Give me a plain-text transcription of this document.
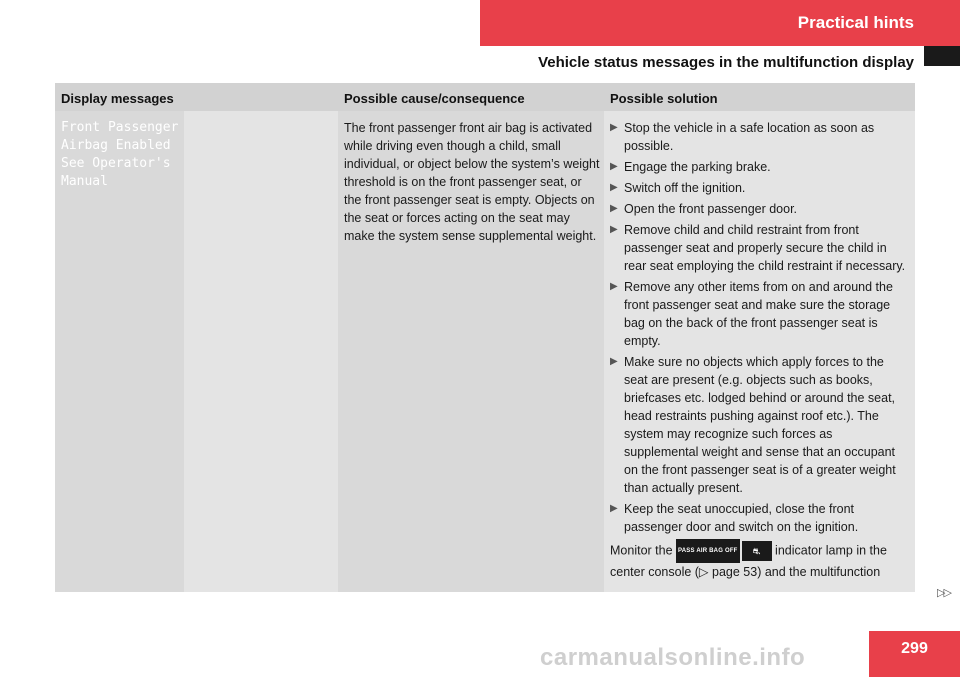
Practical hints
Vehicle status messages in the multifunction display
Display messages	Possible cause/consequence	Possible solution
Front Passenger
Airbag Enabled
See Operator's
Manual
The front passenger front air bag is activated while driving even though a child, small individual, or object below the system’s weight threshold is on the front passenger seat, or the front passenger seat is empty. Objects on the seat or forces acting on the seat may make the system sense supplemental weight.
▶ Stop the vehicle in a safe location as soon as possible.
▶ Engage the parking brake.
▶ Switch off the ignition.
▶ Open the front passenger door.
▶ Remove child and child restraint from front passenger seat and properly secure the child in rear seat employing the child restraint if necessary.
▶ Remove any other items from on and around the front passenger seat and make sure the storage bag on the back of the front passenger seat is empty.
▶ Make sure no objects which apply forces to the seat are present (e.g. objects such as books, briefcases etc. lodged behind or around the seat, head restraints pushing against roof etc.). The system may recognize such forces as supplemental weight and sense that an occupant on the front passenger seat is of a greater weight than actually present.
▶ Keep the seat unoccupied, close the front passenger door and switch on the ignition.
Monitor the PASS AIR BAG OFF ⛐ indicator lamp in the center console (▷ page 53) and the multifunction
▷▷
299
carmanualsonline.info
